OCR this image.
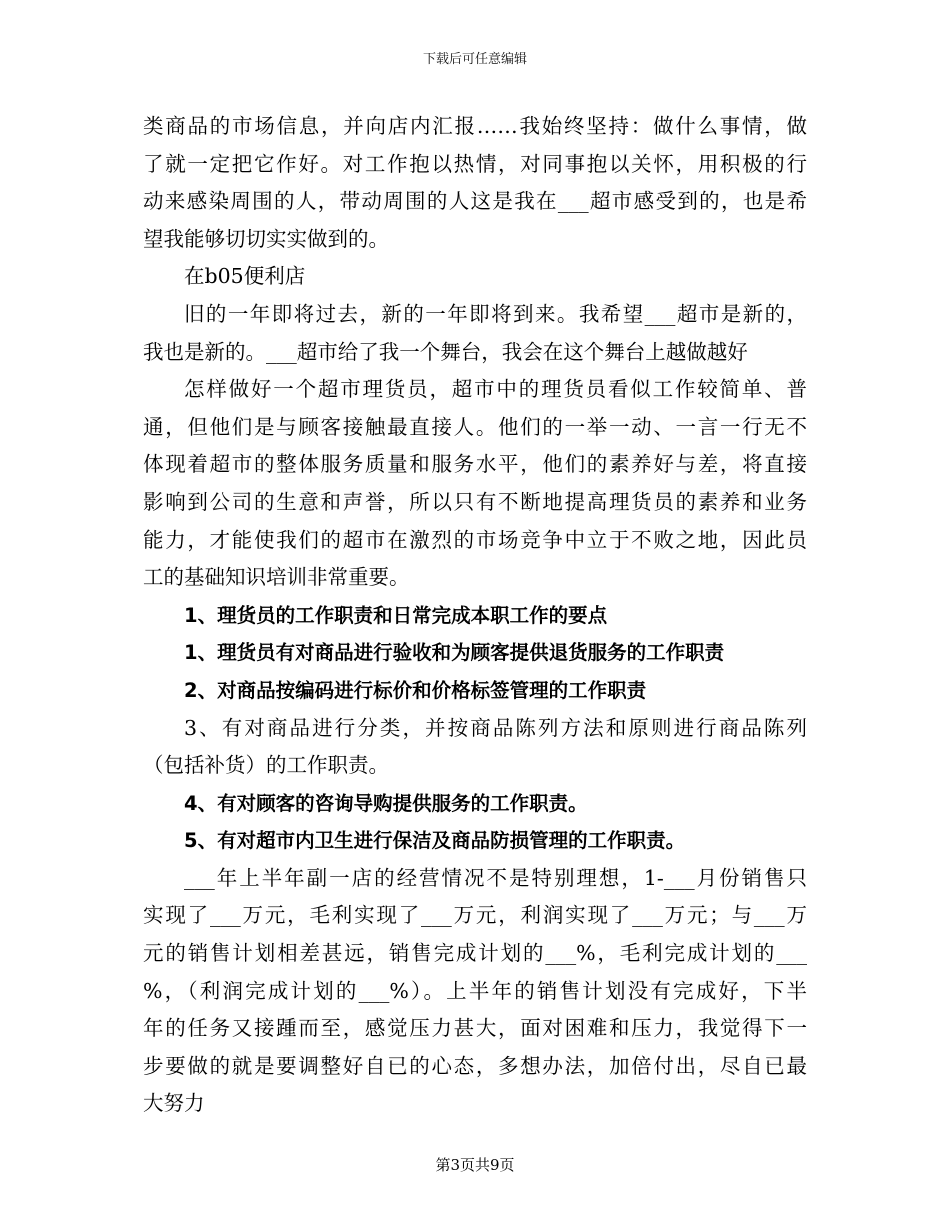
下载后可任意编辑
类商品的市场信息，并向店内汇报……我始终坚持：做什么事情，做
了就一定把它作好。对工作抱以热情，对同事抱以关怀，用积极的行
动来感染周围的人，带动周围的人这是我在___超市感受到的，也是希
望我能够切切实实做到的。
在b05便利店
旧的一年即将过去，新的一年即将到来。我希望___超市是新的，
我也是新的。___超市给了我一个舞台，我会在这个舞台上越做越好
怎样做好一个超市理货员，超市中的理货员看似工作较简单、普
通，但他们是与顾客接触最直接人。他们的一举一动、一言一行无不
体现着超市的整体服务质量和服务水平，他们的素养好与差，将直接
影响到公司的生意和声誉，所以只有不断地提高理货员的素养和业务
能力，才能使我们的超市在激烈的市场竞争中立于不败之地，因此员
工的基础知识培训非常重要。
1、理货员的工作职责和日常完成本职工作的要点
1、理货员有对商品进行验收和为顾客提供退货服务的工作职责
2、对商品按编码进行标价和价格标签管理的工作职责
3、有对商品进行分类，并按商品陈列方法和原则进行商品陈列
（包括补货）的工作职责。
4、有对顾客的咨询导购提供服务的工作职责。
5、有对超市内卫生进行保洁及商品防损管理的工作职责。
___年上半年副一店的经营情况不是特别理想，1-___月份销售只
实现了___万元，毛利实现了___万元，利润实现了___万元；与___万
元的销售计划相差甚远，销售完成计划的___%，毛利完成计划的___
%，（利润完成计划的___%）。上半年的销售计划没有完成好，下半
年的任务又接踵而至，感觉压力甚大，面对困难和压力，我觉得下一
步要做的就是要调整好自已的心态，多想办法，加倍付出，尽自已最
大努力
第3页共9页
